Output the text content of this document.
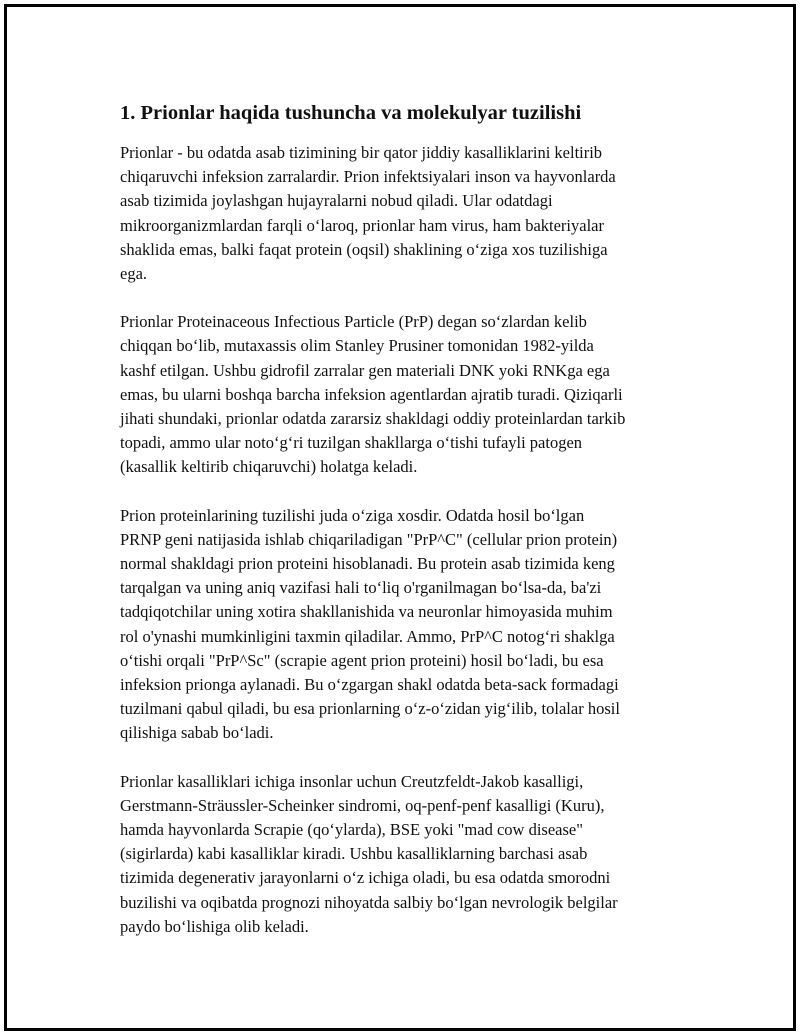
1. Prionlar haqida tushuncha va molekulyar tuzilishi

Prionlar - bu odatda asab tizimining bir qator jiddiy kasalliklarini keltirib
chiqaruvchi infeksion zarralardir. Prion infektsiyalari inson va hayvonlarda
asab tizimida joylashgan hujayralarni nobud qiladi. Ular odatdagi
mikroorganizmlardan farqli oʻlaroq, prionlar ham virus, ham bakteriyalar
shaklida emas, balki faqat protein (oqsil) shaklining oʻziga xos tuzilishiga
ega.

Prionlar Proteinaceous Infectious Particle (PrP) degan soʻzlardan kelib
chiqqan boʻlib, mutaxassis olim Stanley Prusiner tomonidan 1982-yilda
kashf etilgan. Ushbu gidrofil zarralar gen materiali DNK yoki RNKga ega
emas, bu ularni boshqa barcha infeksion agentlardan ajratib turadi. Qiziqarli
jihati shundaki, prionlar odatda zararsiz shakldagi oddiy proteinlardan tarkib
topadi, ammo ular notoʻgʻri tuzilgan shakllarga oʻtishi tufayli patogen
(kasallik keltirib chiqaruvchi) holatga keladi.

Prion proteinlarining tuzilishi juda oʻziga xosdir. Odatda hosil boʻlgan
PRNP geni natijasida ishlab chiqariladigan "PrP^C" (cellular prion protein)
normal shakldagi prion proteini hisoblanadi. Bu protein asab tizimida keng
tarqalgan va uning aniq vazifasi hali toʻliq o'rganilmagan boʻlsa-da, ba'zi
tadqiqotchilar uning xotira shakllanishida va neuronlar himoyasida muhim
rol o'ynashi mumkinligini taxmin qiladilar. Ammo, PrP^C notogʻri shaklga
oʻtishi orqali "PrP^Sc" (scrapie agent prion proteini) hosil boʻladi, bu esa
infeksion prionga aylanadi. Bu oʻzgargan shakl odatda beta-sack formadagi
tuzilmani qabul qiladi, bu esa prionlarning oʻz-oʻzidan yigʻilib, tolalar hosil
qilishiga sabab boʻladi.

Prionlar kasalliklari ichiga insonlar uchun Creutzfeldt-Jakob kasalligi,
Gerstmann-Sträussler-Scheinker sindromi, oq-penf-penf kasalligi (Kuru),
hamda hayvonlarda Scrapie (qoʻylarda), BSE yoki "mad cow disease"
(sigirlarda) kabi kasalliklar kiradi. Ushbu kasalliklarning barchasi asab
tizimida degenerativ jarayonlarni oʻz ichiga oladi, bu esa odatda smorodni
buzilishi va oqibatda prognozi nihoyatda salbiy boʻlgan nevrologik belgilar
paydo boʻlishiga olib keladi.
